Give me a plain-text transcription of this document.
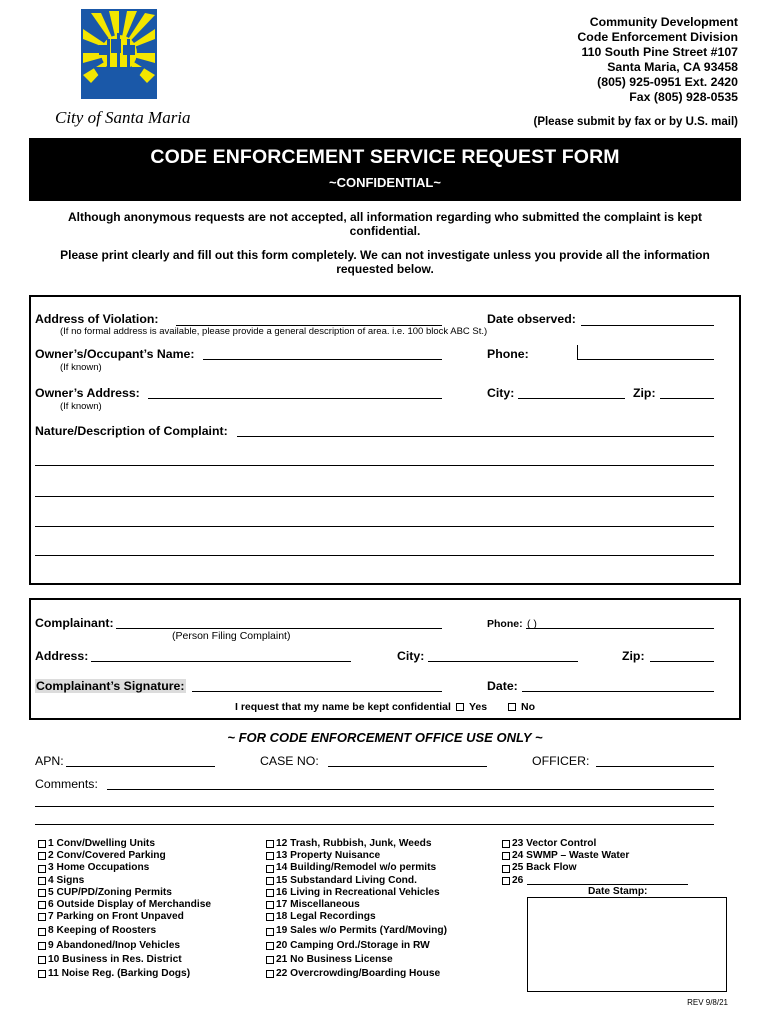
City of Santa Maria
Community Development
Code Enforcement Division
110 South Pine Street #107
Santa Maria, CA 93458
(805) 925-0951 Ext. 2420
Fax (805) 928-0535
(Please submit by fax or by U.S. mail)
CODE ENFORCEMENT SERVICE REQUEST FORM
~CONFIDENTIAL~
Although anonymous requests are not accepted, all information regarding who submitted the complaint is kept confidential.
Please print clearly and fill out this form completely. We can not investigate unless you provide all the information requested below.
Address of Violation:
(If no formal address is available, please provide a general description of area. i.e. 100 block ABC St.)
Date observed:
Owner’s/Occupant’s Name:
(If known)
Phone:
Owner’s Address:
(If known)
City:	Zip:
Nature/Description of Complaint:
Complainant:
(Person Filing Complaint)
Phone: ( )
Address:	City:	Zip:
Complainant’s Signature:	Date:
I request that my name be kept confidential Yes	No
~ FOR CODE ENFORCEMENT OFFICE USE ONLY ~
APN:	CASE NO:	OFFICER:
Comments:
1 Conv/Dwelling Units
2 Conv/Covered Parking
3 Home Occupations
4 Signs
5 CUP/PD/Zoning Permits
6 Outside Display of Merchandise
7 Parking on Front Unpaved
8 Keeping of Roosters
9 Abandoned/Inop Vehicles
10 Business in Res. District
11 Noise Reg. (Barking Dogs)
12 Trash, Rubbish, Junk, Weeds
13 Property Nuisance
14 Building/Remodel w/o permits
15 Substandard Living Cond.
16 Living in Recreational Vehicles
17 Miscellaneous
18 Legal Recordings
19 Sales w/o Permits (Yard/Moving)
20 Camping Ord./Storage in RW
21 No Business License
22 Overcrowding/Boarding House
23 Vector Control
24 SWMP – Waste Water
25 Back Flow
26
Date Stamp:
REV 9/8/21
